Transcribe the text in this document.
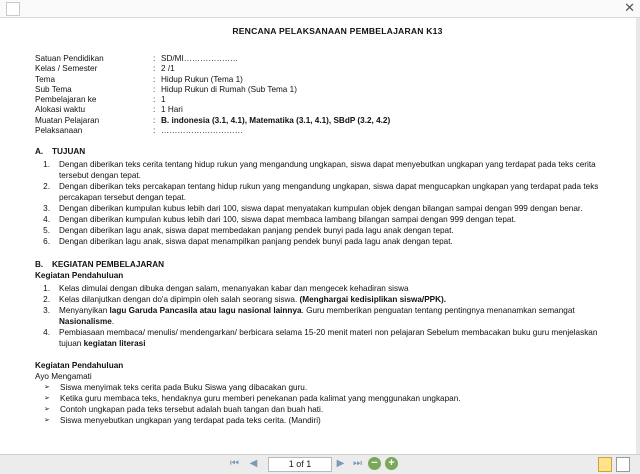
✕
RENCANA PELAKSANAAN PEMBELAJARAN K13
Satuan Pendidikan	: SD/MI………………..
Kelas / Semester	: 2 /1
Tema	: Hidup Rukun (Tema 1)
Sub Tema	: Hidup Rukun di Rumah (Sub Tema 1)
Pembelajaran ke	: 1
Alokasi waktu	: 1 Hari
Muatan Pelajaran	: B. indonesia (3.1, 4.1), Matematika (3.1, 4.1), SBdP (3.2, 4.2)
Pelaksanaan	: …………………………
A.	TUJUAN
1.	Dengan diberikan teks cerita tentang hidup rukun yang mengandung ungkapan, siswa dapat menyebutkan ungkapan yang terdapat pada teks cerita tersebut dengan tepat.
2.	Dengan diberikan teks percakapan tentang hidup rukun yang mengandung ungkapan, siswa dapat mengucapkan ungkapan yang terdapat pada teks percakapan tersebut dengan tepat.
3.	Dengan diberikan kumpulan kubus lebih dari 100, siswa dapat menyatakan kumpulan objek dengan bilangan sampai dengan 999 dengan benar.
4.	Dengan diberikan kumpulan kubus lebih dari 100, siswa dapat membaca lambang bilangan sampai dengan 999 dengan tepat.
5.	Dengan diberikan lagu anak, siswa dapat membedakan panjang pendek bunyi pada lagu anak dengan tepat.
6.	Dengan diberikan lagu anak, siswa dapat menampilkan panjang pendek bunyi pada lagu anak dengan tepat.
B.	KEGIATAN PEMBELAJARAN
Kegiatan Pendahuluan
1.	Kelas dimulai dengan dibuka dengan salam, menanyakan kabar dan mengecek kehadiran siswa
2.	Kelas dilanjutkan dengan do'a dipimpin oleh salah seorang siswa. (Menghargai kedisiplikan siswa/PPK).
3.	Menyanyikan lagu Garuda Pancasila atau lagu nasional lainnya. Guru memberikan penguatan tentang pentingnya menanamkan semangat Nasionalisme.
4.	Pembiasaan membaca/ menulis/ mendengarkan/ berbicara selama 15-20 menit materi non pelajaran Sebelum membacakan buku guru menjelaskan tujuan kegiatan literasi
Kegiatan Pendahuluan
Ayo Mengamati
➢	Siswa menyimak teks cerita pada Buku Siswa yang dibacakan guru.
➢	Ketika guru membaca teks, hendaknya guru memberi penekanan pada kalimat yang menggunakan ungkapan.
➢	Contoh ungkapan pada teks tersebut adalah buah tangan dan buah hati.
➢	Siswa menyebutkan ungkapan yang terdapat pada teks cerita. (Mandiri)
⏮ ◀	1 of 1	▶ ⏭ − +
